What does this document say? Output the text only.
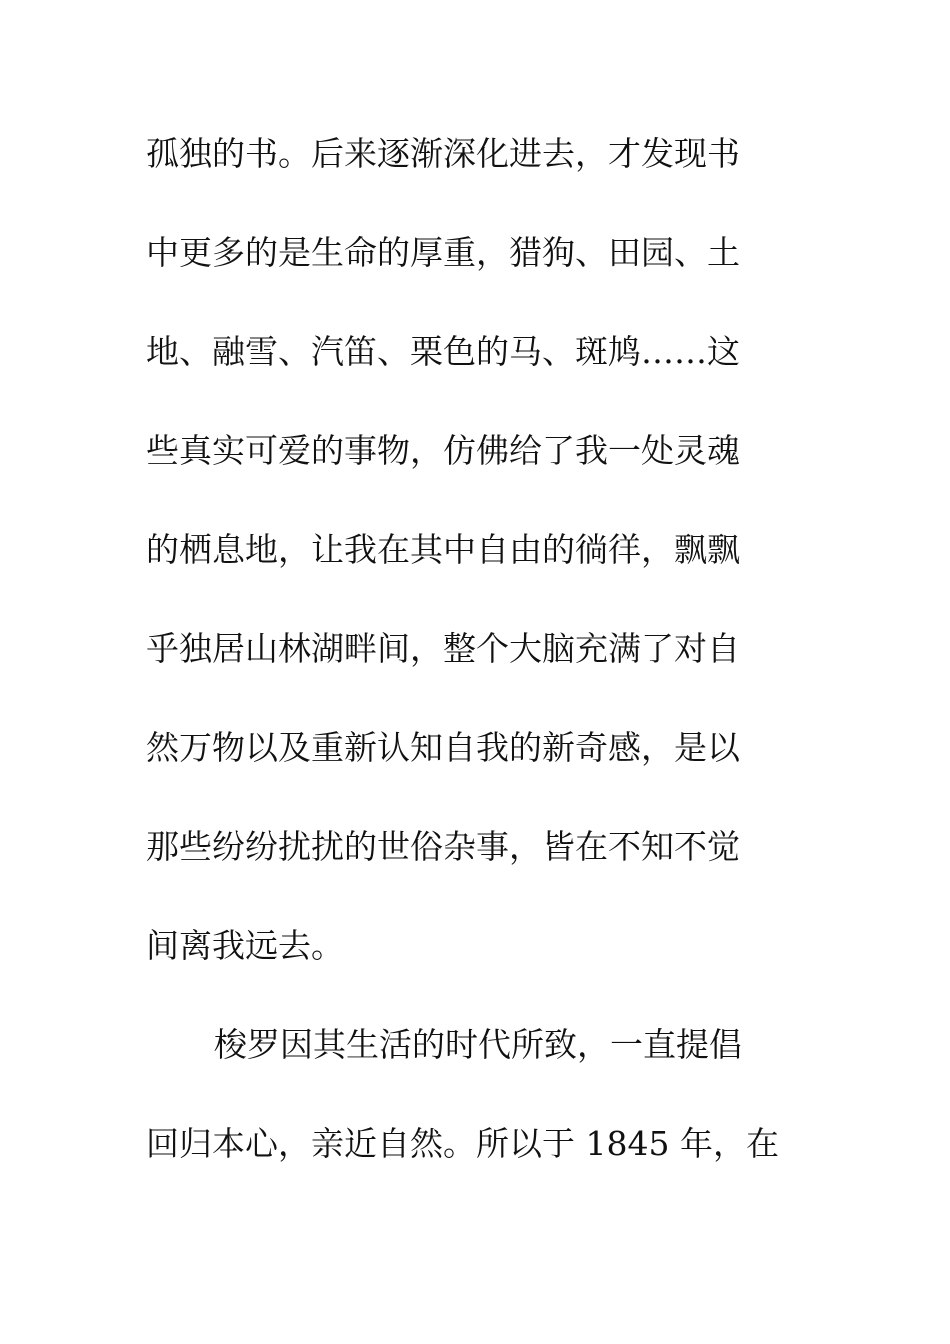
孤独的书。后来逐渐深化进去，才发现书
中更多的是生命的厚重，猎狗、田园、土
地、融雪、汽笛、栗色的马、斑鸠……这
些真实可爱的事物，仿佛给了我一处灵魂
的栖息地，让我在其中自由的徜徉，飘飘
乎独居山林湖畔间，整个大脑充满了对自
然万物以及重新认知自我的新奇感，是以
那些纷纷扰扰的世俗杂事，皆在不知不觉
间离我远去。
梭罗因其生活的时代所致，一直提倡
回归本心，亲近自然。所以于 1845 年，在
